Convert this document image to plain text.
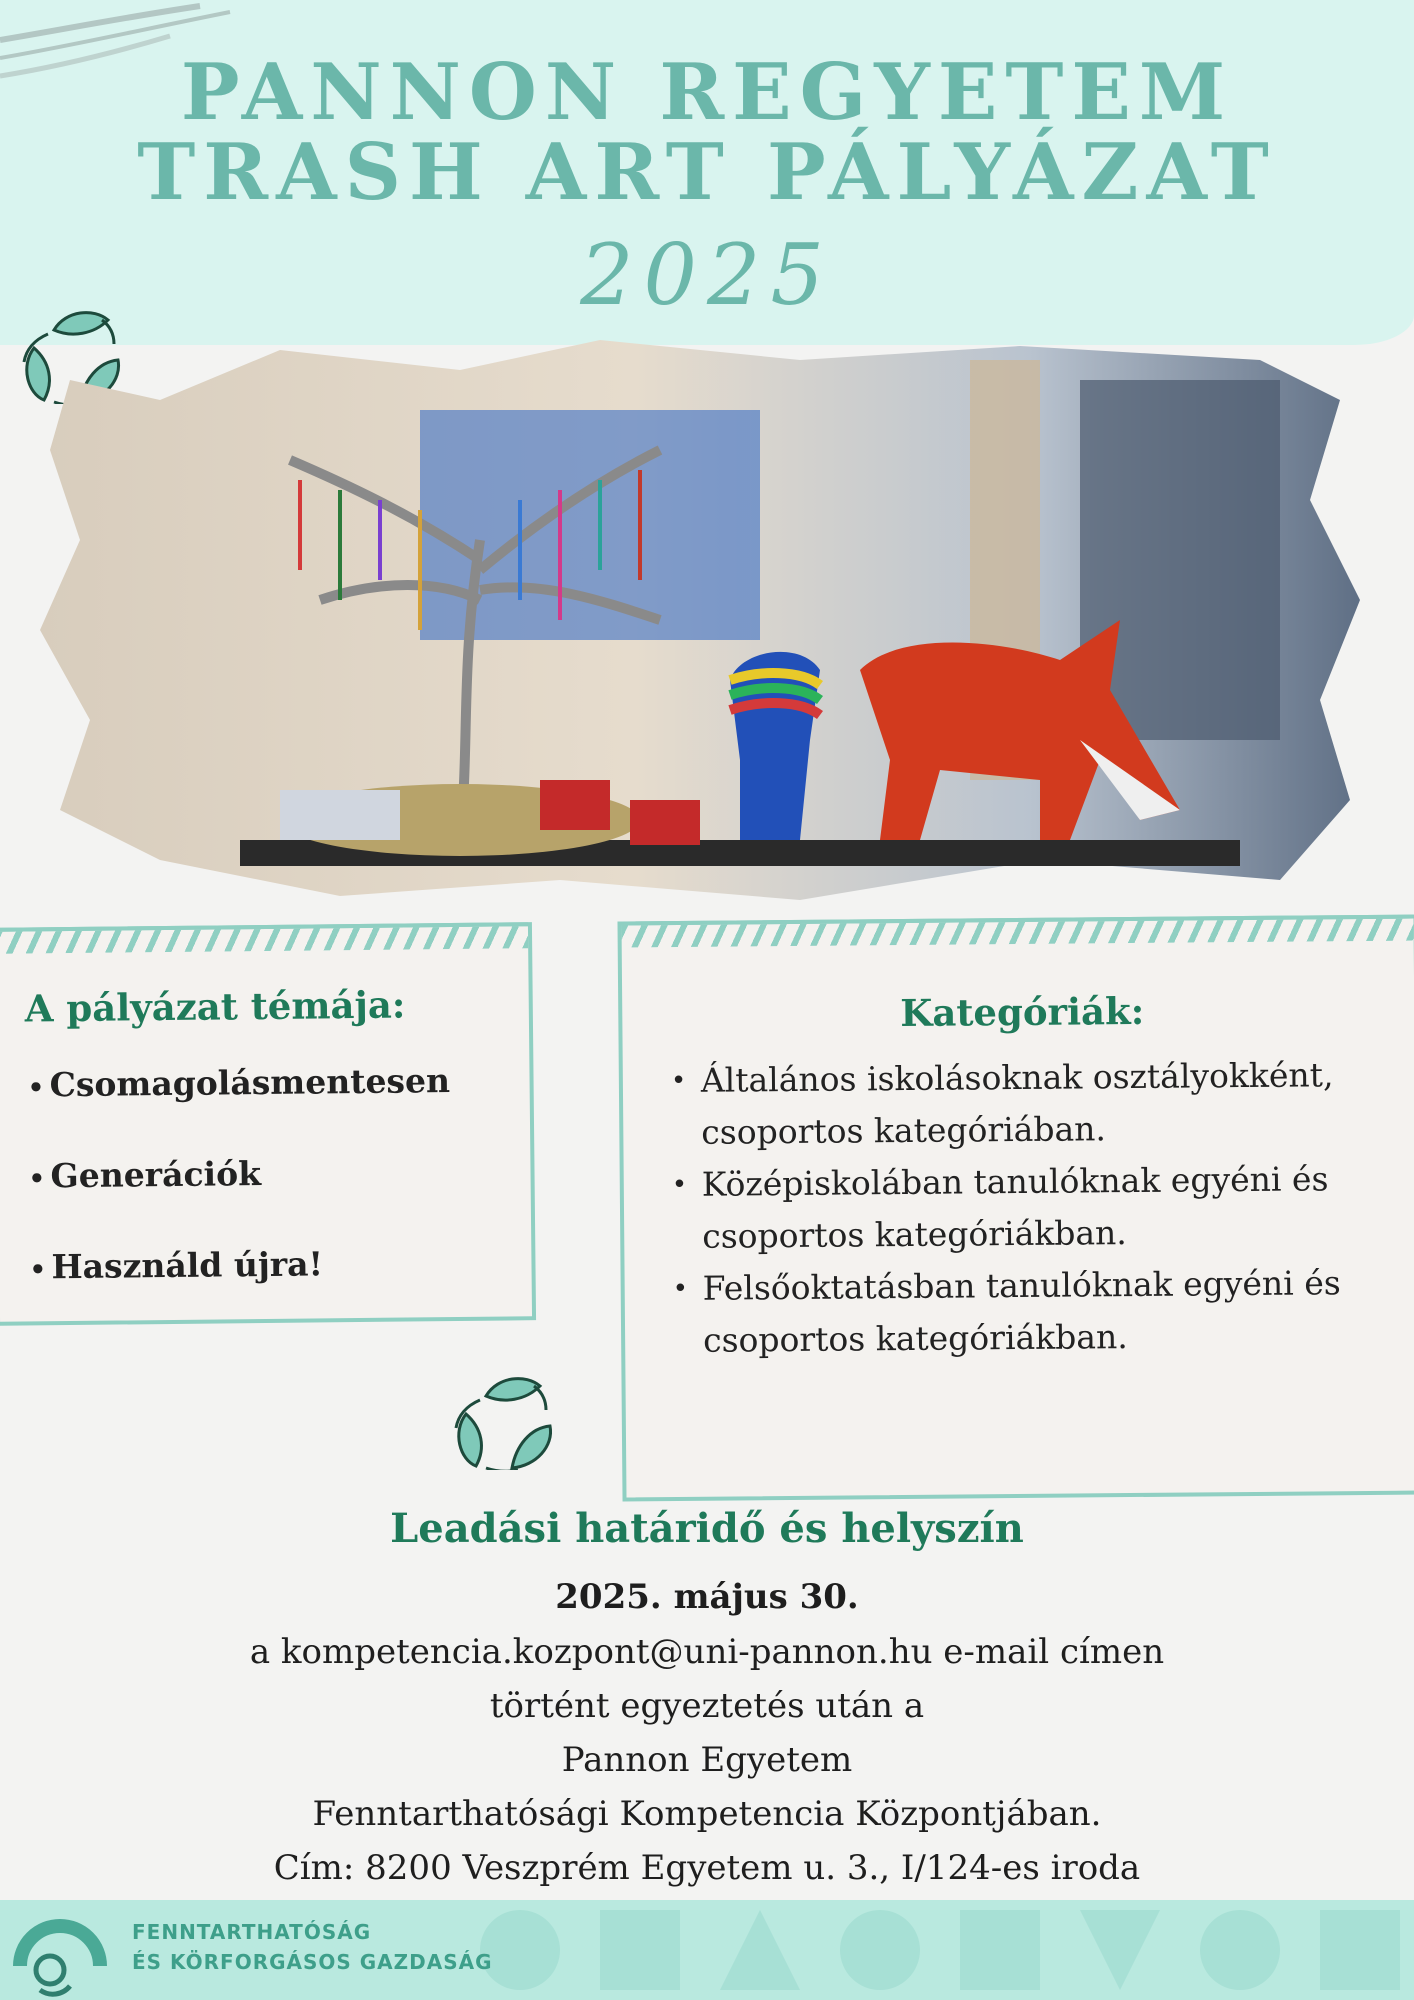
PANNON REGYETEM
TRASH ART PÁLYÁZAT
2025
A pályázat témája:
• Csomagolásmentesen
• Generációk
• Használd újra!
Kategóriák:
• Általános iskolásoknak osztályokként, csoportos kategóriában.
• Középiskolában tanulóknak egyéni és csoportos kategóriákban.
• Felsőoktatásban tanulóknak egyéni és csoportos kategóriákban.
Leadási határidő és helyszín
2025. május 30.
a kompetencia.kozpont@uni-pannon.hu e-mail címen
történt egyeztetés után a
Pannon Egyetem
Fenntarthatósági Kompetencia Központjában.
Cím: 8200 Veszprém Egyetem u. 3., I/124-es iroda
FENNTARTHATÓSÁG
ÉS KÖRFORGÁSOS GAZDASÁG
